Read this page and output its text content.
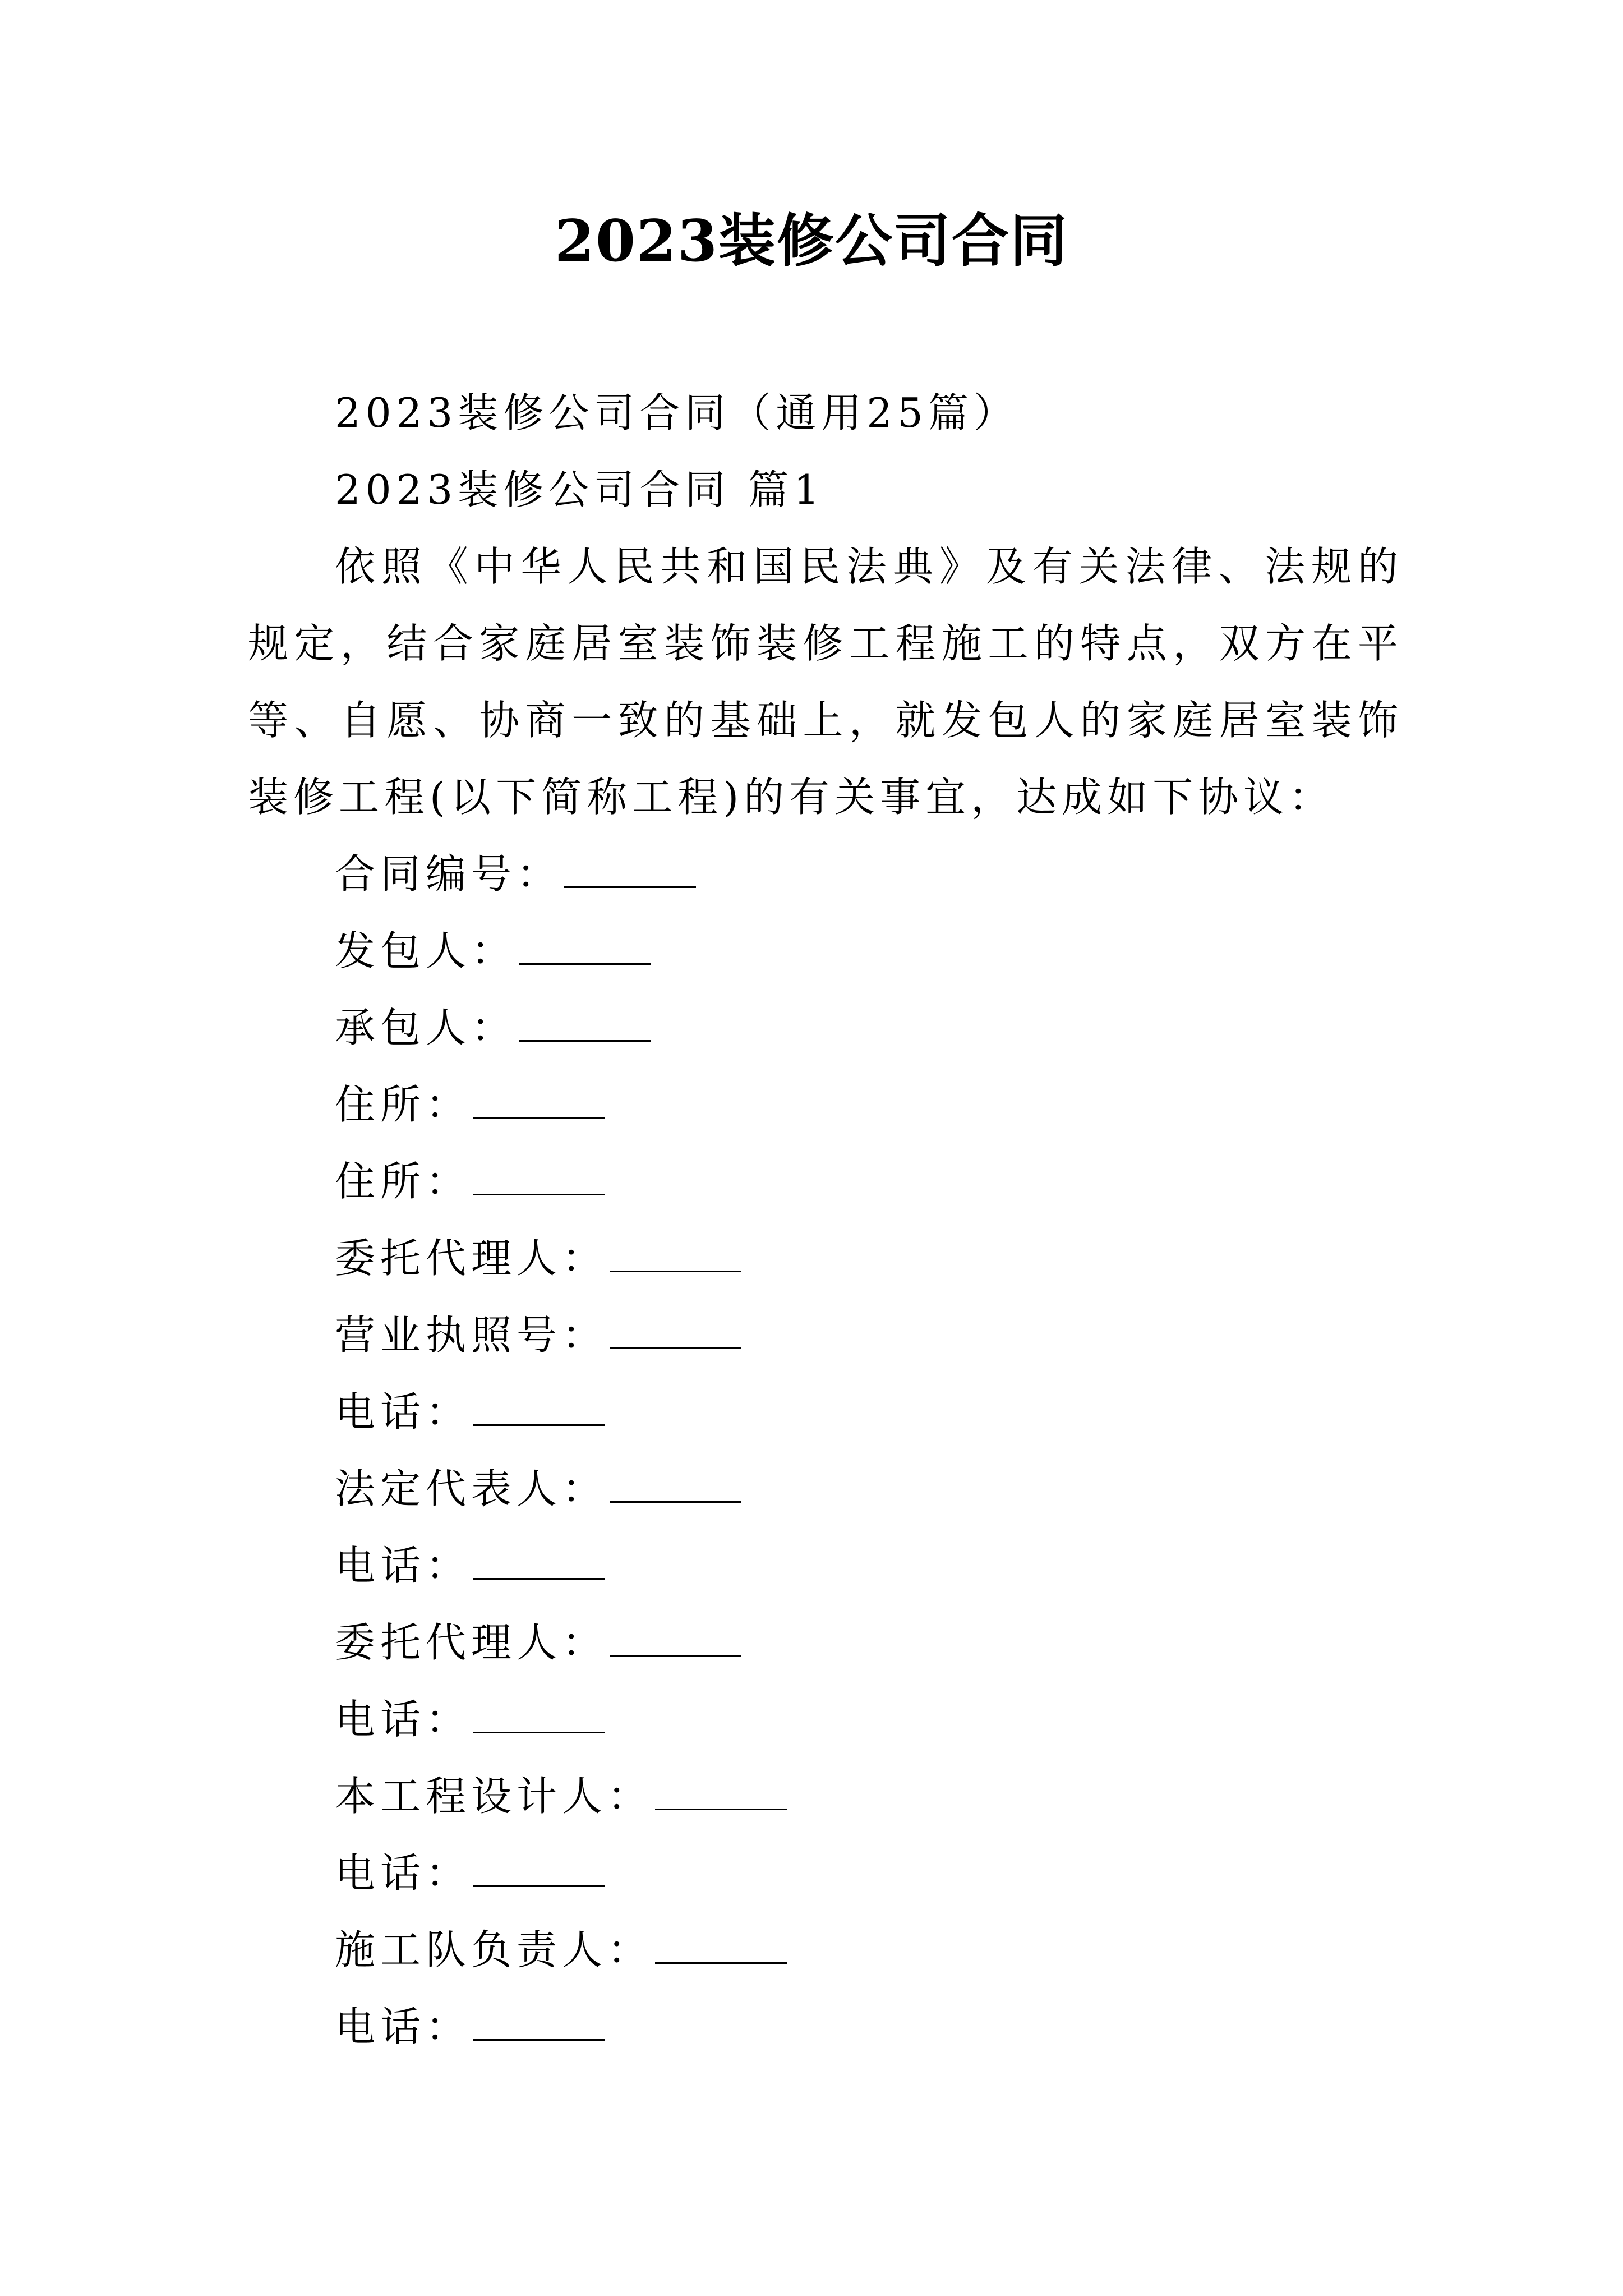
2023装修公司合同

2023装修公司合同（通用25篇）

2023装修公司合同 篇1

依照《中华人民共和国民法典》及有关法律、法规的规定，结合家庭居室装饰装修工程施工的特点，双方在平等、自愿、协商一致的基础上，就发包人的家庭居室装饰装修工程(以下简称工程)的有关事宜，达成如下协议：

合同编号：
发包人：
承包人：
住所：
住所：
委托代理人：
营业执照号：
电话：
法定代表人：
电话：
委托代理人：
电话：
本工程设计人：
电话：
施工队负责人：
电话：
